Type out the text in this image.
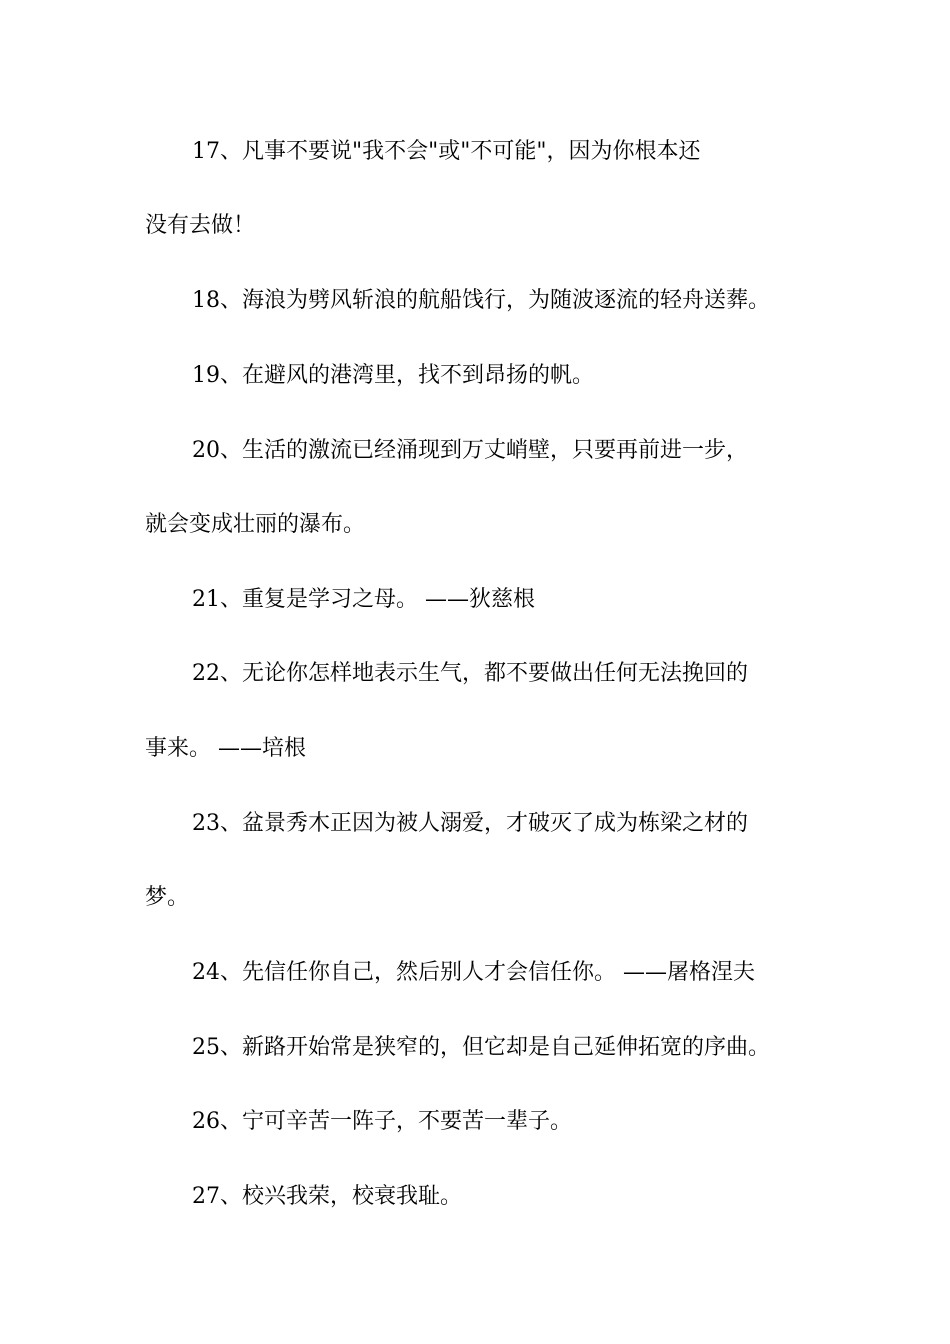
17、凡事不要说"我不会"或"不可能"，因为你根本还
没有去做！
18、海浪为劈风斩浪的航船饯行，为随波逐流的轻舟送葬。
19、在避风的港湾里，找不到昂扬的帆。
20、生活的激流已经涌现到万丈峭壁，只要再前进一步，
就会变成壮丽的瀑布。
21、重复是学习之母。 ——狄慈根
22、无论你怎样地表示生气，都不要做出任何无法挽回的
事来。 ——培根
23、盆景秀木正因为被人溺爱，才破灭了成为栋梁之材的
梦。
24、先信任你自己，然后别人才会信任你。 ——屠格涅夫
25、新路开始常是狭窄的，但它却是自己延伸拓宽的序曲。
26、宁可辛苦一阵子，不要苦一辈子。
27、校兴我荣，校衰我耻。
